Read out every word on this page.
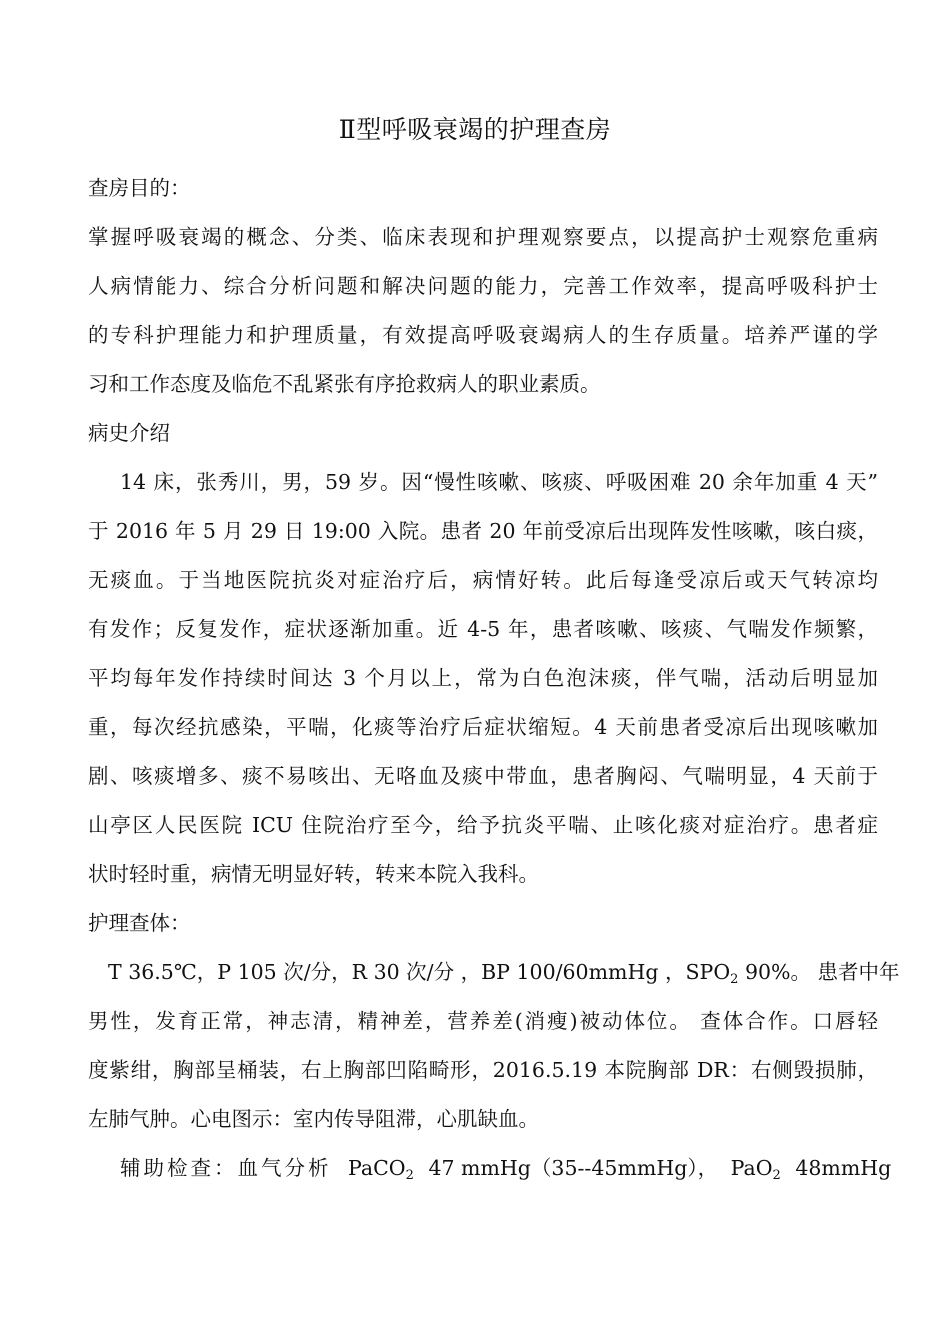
Ⅱ型呼吸衰竭的护理查房
查房目的：
掌握呼吸衰竭的概念、分类、临床表现和护理观察要点，以提高护士观察危重病
人病情能力、综合分析问题和解决问题的能力，完善工作效率，提高呼吸科护士
的专科护理能力和护理质量，有效提高呼吸衰竭病人的生存质量。培养严谨的学
习和工作态度及临危不乱紧张有序抢救病人的职业素质。
病史介绍
14 床，张秀川，男，59 岁。因“慢性咳嗽、咳痰、呼吸困难 20 余年加重 4 天”
于 2016 年 5 月 29 日 19:00 入院。患者 20 年前受凉后出现阵发性咳嗽，咳白痰，
无痰血。于当地医院抗炎对症治疗后，病情好转。此后每逢受凉后或天气转凉均
有发作；反复发作，症状逐渐加重。近 4-5 年，患者咳嗽、咳痰、气喘发作频繁，
平均每年发作持续时间达 3 个月以上，常为白色泡沫痰，伴气喘，活动后明显加
重，每次经抗感染，平喘，化痰等治疗后症状缩短。4 天前患者受凉后出现咳嗽加
剧、咳痰增多、痰不易咳出、无咯血及痰中带血，患者胸闷、气喘明显，4 天前于
山亭区人民医院 ICU 住院治疗至今，给予抗炎平喘、止咳化痰对症治疗。患者症
状时轻时重，病情无明显好转，转来本院入我科。
护理查体：
T 36.5℃，P 105 次/分，R 30 次/分 ，BP 100/60mmHg ，$SPO_2$ 90%。 患者中年
男性，发育正常，神志清，精神差，营养差(消瘦)被动体位。 查体合作。口唇轻
度紫绀，胸部呈桶装，右上胸部凹陷畸形，2016.5.19 本院胸部 DR：右侧毁损肺，
左肺气肿。心电图示：室内传导阻滞，心肌缺血。
辅助检查：血气分析 PaCO$_2$ 47 mmHg（35--45mmHg）， PaO$_2$ 48mmHg
